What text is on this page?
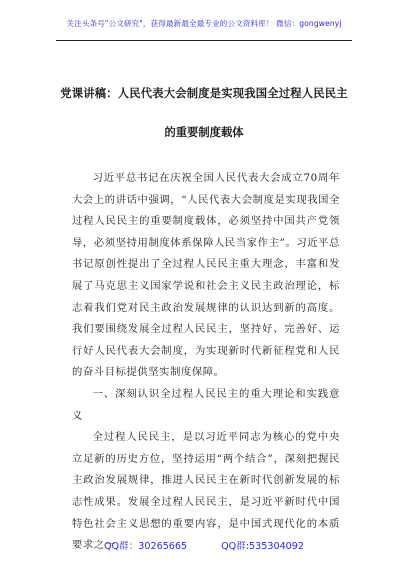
关注头条号"公文研究"，获得最新最全最专业的公文资料库！ 微信：gongwenyj
党课讲稿：人民代表大会制度是实现我国全过程人民民主
的重要制度载体

习近平总书记在庆祝全国人民代表大会成立70周年大会上的讲话中强调，“人民代表大会制度是实现我国全过程人民民主的重要制度载体，必须坚持中国共产党领导，必须坚持用制度体系保障人民当家作主”。习近平总书记原创性提出了全过程人民民主重大理念，丰富和发展了马克思主义国家学说和社会主义民主政治理论，标志着我们党对民主政治发展规律的认识达到新的高度。我们要围绕发展全过程人民民主，坚持好、完善好、运行好人民代表大会制度，为实现新时代新征程党和人民的奋斗目标提供坚实制度保障。

一、深刻认识全过程人民民主的重大理论和实践意义

全过程人民民主，是以习近平同志为核心的党中央立足新的历史方位，坚持运用“两个结合”，深刻把握民主政治发展规律，推进人民民主在新时代创新发展的标志性成果。发展全过程人民民主，是习近平新时代中国特色社会主义思想的重要内容，是中国式现代化的本质要求之一

QQ群：30265665	QQ群:535304092
